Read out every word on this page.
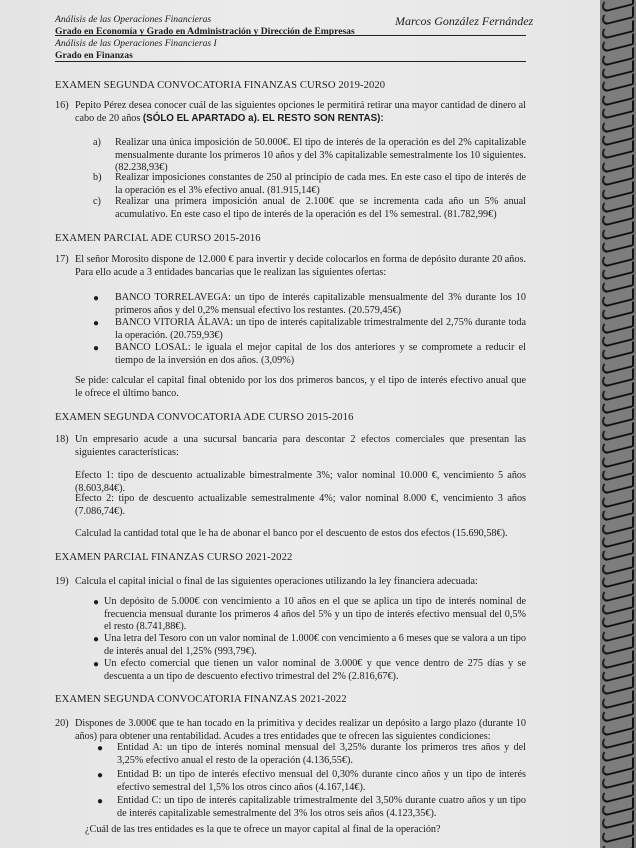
Análisis de las Operaciones Financieras
Grado en Economía y Grado en Administración y Dirección de Empresas
Análisis de las Operaciones Financieras I
Grado en Finanzas
Marcos González Fernández
EXAMEN SEGUNDA CONVOCATORIA FINANZAS CURSO 2019-2020
16) Pepito Pérez desea conocer cuál de las siguientes opciones le permitirá retirar una mayor cantidad de dinero al cabo de 20 años (SÓLO EL APARTADO a). EL RESTO SON RENTAS):
a) Realizar una única imposición de 50.000€. El tipo de interés de la operación es del 2% capitalizable mensualmente durante los primeros 10 años y del 3% capitalizable semestralmente los 10 siguientes. (82.238,93€)
b) Realizar imposiciones constantes de 250 al principio de cada mes. En este caso el tipo de interés de la operación es el 3% efectivo anual. (81.915,14€)
c) Realizar una primera imposición anual de 2.100€ que se incrementa cada año un 5% anual acumulativo. En este caso el tipo de interés de la operación es del 1% semestral. (81.782,99€)
EXAMEN PARCIAL ADE CURSO 2015-2016
17) El señor Morosito dispone de 12.000 € para invertir y decide colocarlos en forma de depósito durante 20 años. Para ello acude a 3 entidades bancarias que le realizan las siguientes ofertas:
● BANCO TORRELAVEGA: un tipo de interés capitalizable mensualmente del 3% durante los 10 primeros años y del 0,2% mensual efectivo los restantes. (20.579,45€)
● BANCO VITORIA ÁLAVA: un tipo de interés capitalizable trimestralmente del 2,75% durante toda la operación. (20.759,93€)
● BANCO LOSAL: le iguala el mejor capital de los dos anteriores y se compromete a reducir el tiempo de la inversión en dos años. (3,09%)
Se pide: calcular el capital final obtenido por los dos primeros bancos, y el tipo de interés efectivo anual que le ofrece el último banco.
EXAMEN SEGUNDA CONVOCATORIA ADE CURSO 2015-2016
18) Un empresario acude a una sucursal bancaria para descontar 2 efectos comerciales que presentan las siguientes características:
Efecto 1: tipo de descuento actualizable bimestralmente 3%; valor nominal 10.000 €, vencimiento 5 años (8.603,84€).
Efecto 2: tipo de descuento actualizable semestralmente 4%; valor nominal 8.000 €, vencimiento 3 años (7.086,74€).
Calculad la cantidad total que le ha de abonar el banco por el descuento de estos dos efectos (15.690,58€).
EXAMEN PARCIAL FINANZAS CURSO 2021-2022
19) Calcula el capital inicial o final de las siguientes operaciones utilizando la ley financiera adecuada:
● Un depósito de 5.000€ con vencimiento a 10 años en el que se aplica un tipo de interés nominal de frecuencia mensual durante los primeros 4 años del 5% y un tipo de interés efectivo mensual del 0,5% el resto (8.741,88€).
● Una letra del Tesoro con un valor nominal de 1.000€ con vencimiento a 6 meses que se valora a un tipo de interés anual del 1,25% (993,79€).
● Un efecto comercial que tienen un valor nominal de 3.000€ y que vence dentro de 275 días y se descuenta a un tipo de descuento efectivo trimestral del 2% (2.816,67€).
EXAMEN SEGUNDA CONVOCATORIA FINANZAS 2021-2022
20) Dispones de 3.000€ que te han tocado en la primitiva y decides realizar un depósito a largo plazo (durante 10 años) para obtener una rentabilidad. Acudes a tres entidades que te ofrecen las siguientes condiciones:
● Entidad A: un tipo de interés nominal mensual del 3,25% durante los primeros tres años y del 3,25% efectivo anual el resto de la operación (4.136,55€).
● Entidad B: un tipo de interés efectivo mensual del 0,30% durante cinco años y un tipo de interés efectivo semestral del 1,5% los otros cinco años (4.167,14€).
● Entidad C: un tipo de interés capitalizable trimestralmente del 3,50% durante cuatro años y un tipo de interés capitalizable semestralmente del 3% los otros seis años (4.123,35€).
¿Cuál de las tres entidades es la que te ofrece un mayor capital al final de la operación?
